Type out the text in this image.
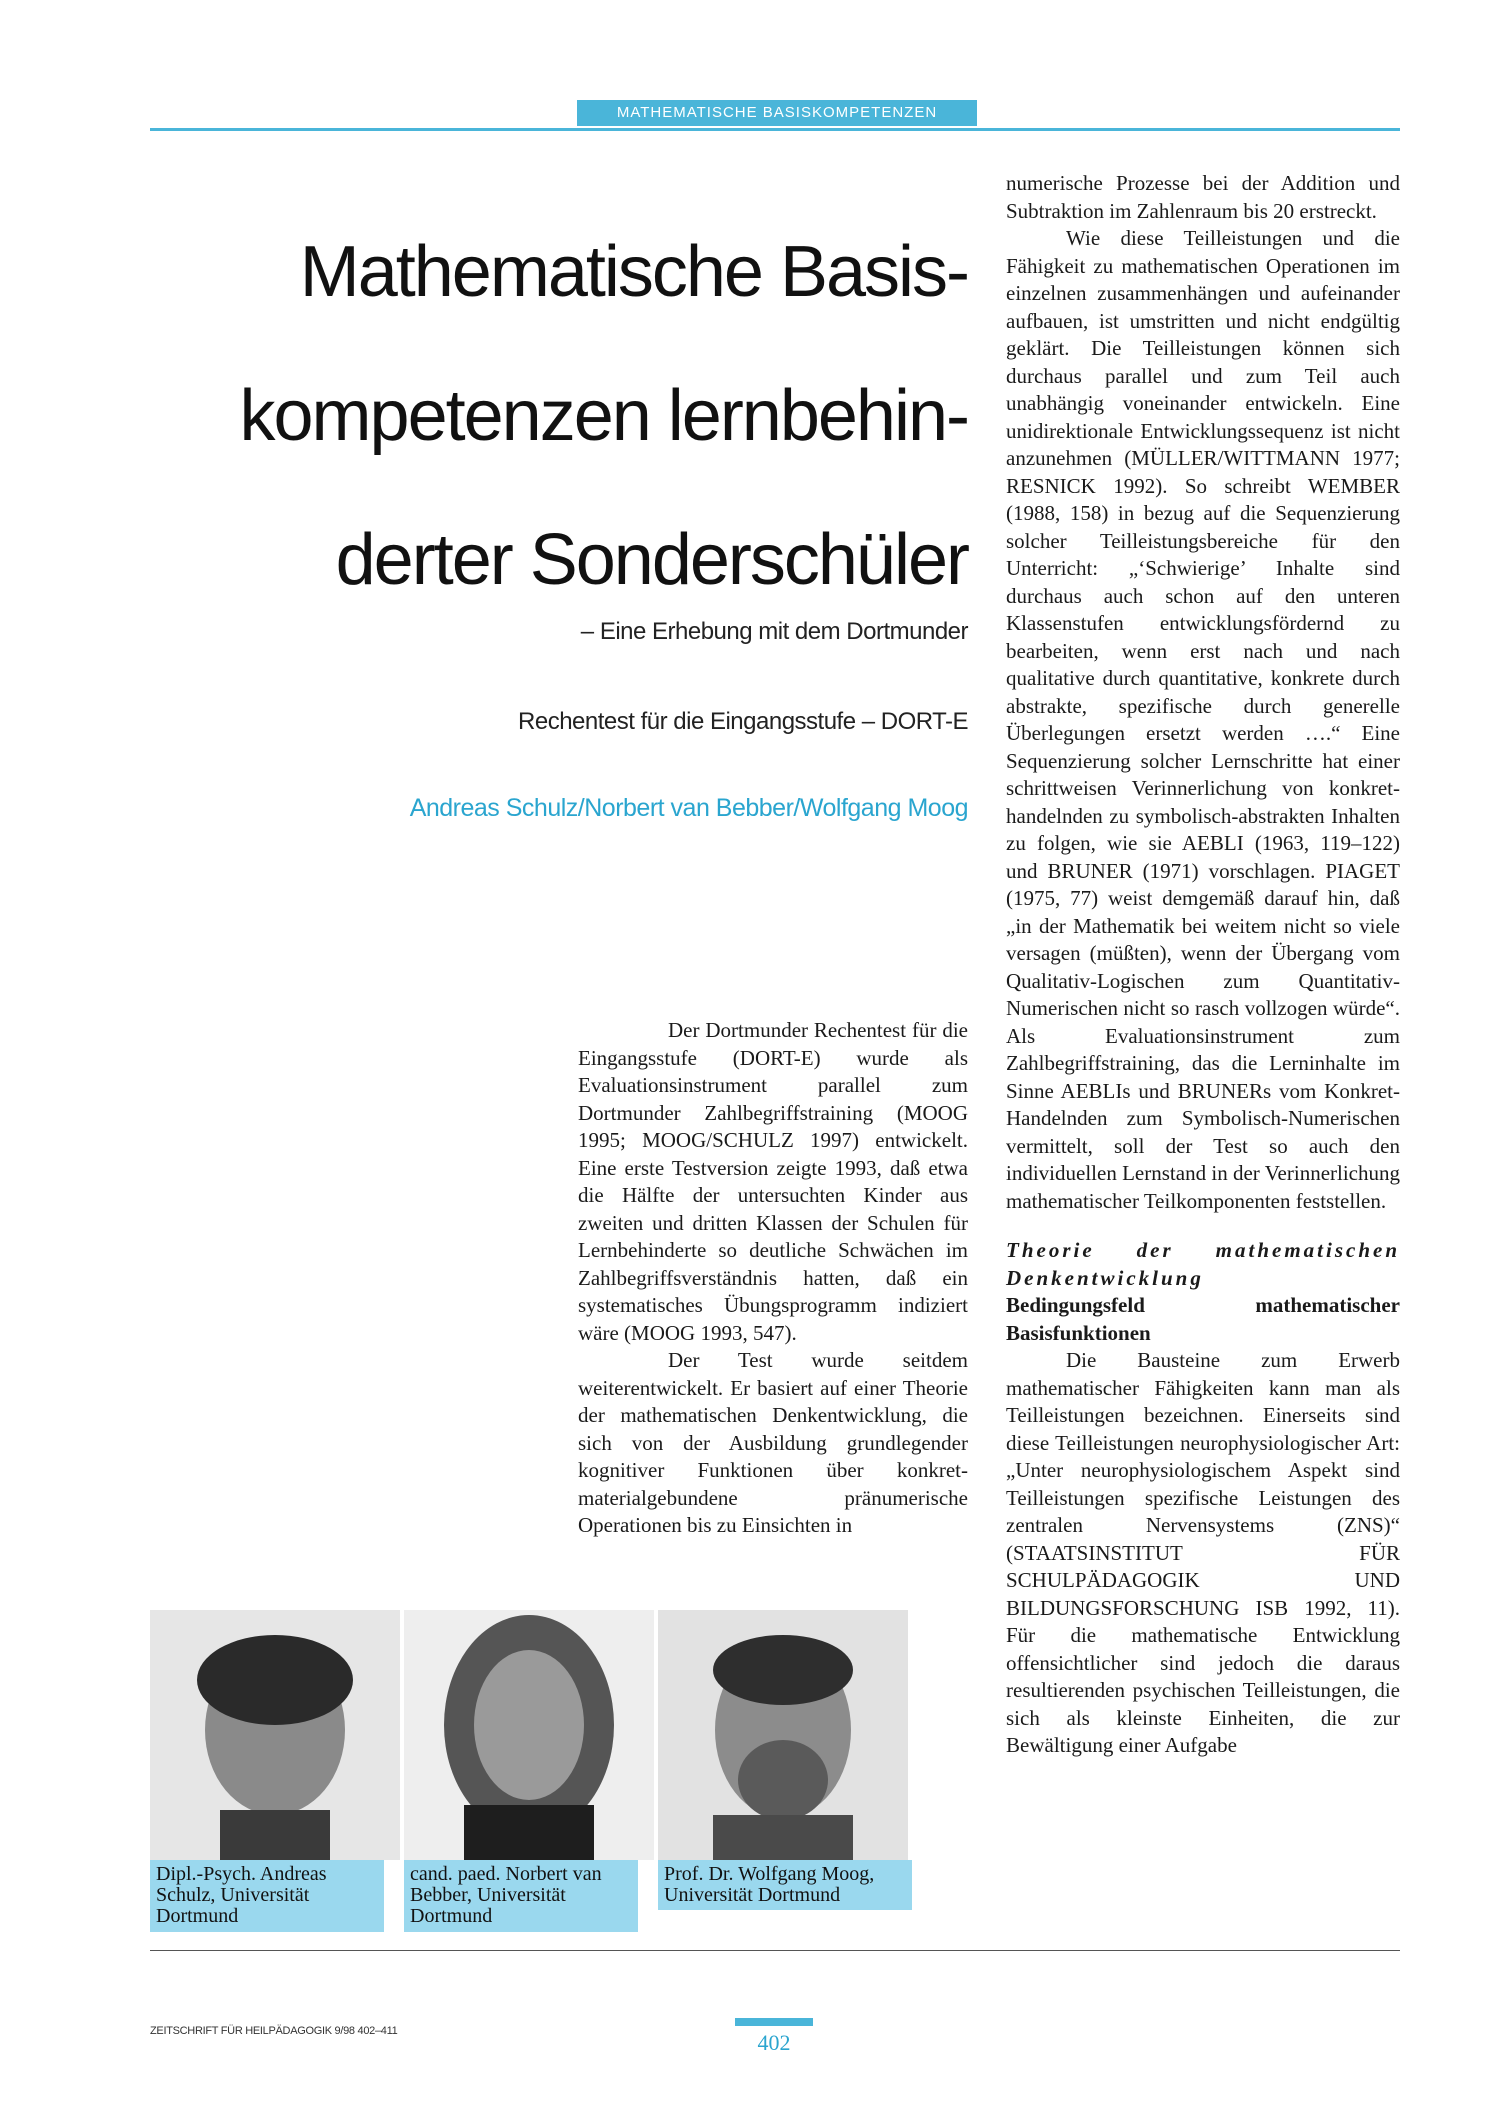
MATHEMATISCHE BASISKOMPETENZEN
Mathematische Basis-
kompetenzen lernbehin-
derter Sonderschüler
– Eine Erhebung mit dem Dortmunder
Rechentest für die Eingangsstufe – DORT-E
Andreas Schulz/Norbert van Bebber/Wolfgang Moog

Der Dortmunder Rechentest für die Eingangsstufe (DORT-E) wurde als Evaluationsinstrument parallel zum Dortmunder Zahlbegriffstraining (MOOG 1995; MOOG/SCHULZ 1997) entwickelt. Eine erste Testversion zeigte 1993, daß etwa die Hälfte der untersuchten Kinder aus zweiten und dritten Klassen der Schulen für Lernbehinderte so deutliche Schwächen im Zahlbegriffsverständnis hatten, daß ein systematisches Übungsprogramm indiziert wäre (MOOG 1993, 547).

Der Test wurde seitdem weiterentwickelt. Er basiert auf einer Theorie der mathematischen Denkentwicklung, die sich von der Ausbildung grundlegender kognitiver Funktionen über konkret-materialgebundene pränumerische Operationen bis zu Einsichten in

numerische Prozesse bei der Addition und Subtraktion im Zahlenraum bis 20 erstreckt.

Wie diese Teilleistungen und die Fähigkeit zu mathematischen Operationen im einzelnen zusammenhängen und aufeinander aufbauen, ist umstritten und nicht endgültig geklärt. Die Teilleistungen können sich durchaus parallel und zum Teil auch unabhängig voneinander entwickeln. Eine unidirektionale Entwicklungssequenz ist nicht anzunehmen (MÜLLER/WITTMANN 1977; RESNICK 1992). So schreibt WEMBER (1988, 158) in bezug auf die Sequenzierung solcher Teilleistungsbereiche für den Unterricht: „‘Schwierige’ Inhalte sind durchaus auch schon auf den unteren Klassenstufen entwicklungsfördernd zu bearbeiten, wenn erst nach und nach qualitative durch quantitative, konkrete durch abstrakte, spezifische durch generelle Überlegungen ersetzt werden ….“ Eine Sequenzierung solcher Lernschritte hat einer schrittweisen Verinnerlichung von konkret-handelnden zu symbolisch-abstrakten Inhalten zu folgen, wie sie AEBLI (1963, 119–122) und BRUNER (1971) vorschlagen. PIAGET (1975, 77) weist demgemäß darauf hin, daß „in der Mathematik bei weitem nicht so viele versagen (müßten), wenn der Übergang vom Qualitativ-Logischen zum Quantitativ-Numerischen nicht so rasch vollzogen würde“. Als Evaluationsinstrument zum Zahlbegriffstraining, das die Lerninhalte im Sinne AEBLIs und BRUNERs vom Konkret-Handelnden zum Symbolisch-Numerischen vermittelt, soll der Test so auch den individuellen Lernstand in der Verinnerlichung mathematischer Teilkomponenten feststellen.

Theorie der mathematischen Denkentwicklung
Bedingungsfeld mathematischer Basisfunktionen

Die Bausteine zum Erwerb mathematischer Fähigkeiten kann man als Teilleistungen bezeichnen. Einerseits sind diese Teilleistungen neurophysiologischer Art: „Unter neurophysiologischem Aspekt sind Teilleistungen spezifische Leistungen des zentralen Nervensystems (ZNS)“ (STAATSINSTITUT FÜR SCHULPÄDAGOGIK UND BILDUNGSFORSCHUNG ISB 1992, 11). Für die mathematische Entwicklung offensichtlicher sind jedoch die daraus resultierenden psychischen Teilleistungen, die sich als kleinste Einheiten, die zur Bewältigung einer Aufgabe

Dipl.-Psych. Andreas Schulz, Universität Dortmund
cand. paed. Norbert van Bebber, Universität Dortmund
Prof. Dr. Wolfgang Moog, Universität Dortmund
ZEITSCHRIFT FÜR HEILPÄDAGOGIK 9/98 402–411	402
